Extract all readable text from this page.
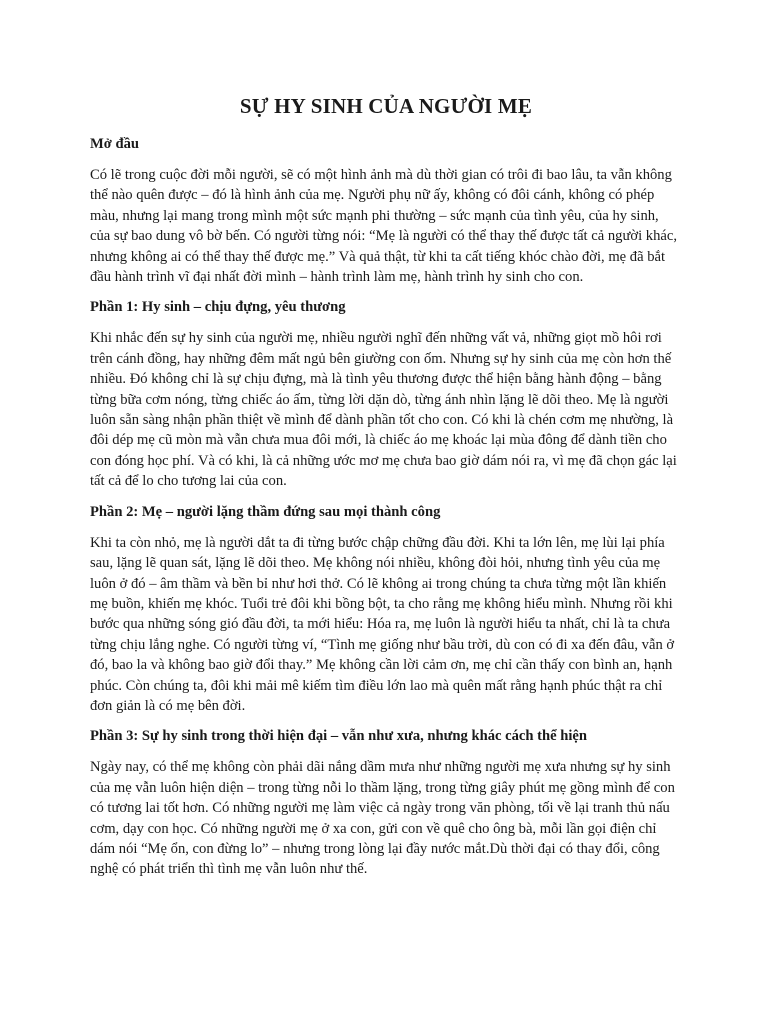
SỰ HY SINH CỦA NGƯỜI MẸ
Mở đầu

Có lẽ trong cuộc đời mỗi người, sẽ có một hình ảnh mà dù thời gian có trôi đi bao lâu, ta vẫn không thể nào quên được – đó là hình ảnh của mẹ. Người phụ nữ ấy, không có đôi cánh, không có phép màu, nhưng lại mang trong mình một sức mạnh phi thường – sức mạnh của tình yêu, của hy sinh, của sự bao dung vô bờ bến. Có người từng nói: “Mẹ là người có thể thay thế được tất cả người khác, nhưng không ai có thể thay thế được mẹ.” Và quả thật, từ khi ta cất tiếng khóc chào đời, mẹ đã bắt đầu hành trình vĩ đại nhất đời mình – hành trình làm mẹ, hành trình hy sinh cho con.

Phần 1: Hy sinh – chịu đựng, yêu thương

Khi nhắc đến sự hy sinh của người mẹ, nhiều người nghĩ đến những vất vả, những giọt mồ hôi rơi trên cánh đồng, hay những đêm mất ngủ bên giường con ốm. Nhưng sự hy sinh của mẹ còn hơn thế nhiều. Đó không chỉ là sự chịu đựng, mà là tình yêu thương được thể hiện bằng hành động – bằng từng bữa cơm nóng, từng chiếc áo ấm, từng lời dặn dò, từng ánh nhìn lặng lẽ dõi theo. Mẹ là người luôn sẵn sàng nhận phần thiệt về mình để dành phần tốt cho con. Có khi là chén cơm mẹ nhường, là đôi dép mẹ cũ mòn mà vẫn chưa mua đôi mới, là chiếc áo mẹ khoác lại mùa đông để dành tiền cho con đóng học phí. Và có khi, là cả những ước mơ mẹ chưa bao giờ dám nói ra, vì mẹ đã chọn gác lại tất cả để lo cho tương lai của con.

Phần 2: Mẹ – người lặng thầm đứng sau mọi thành công

Khi ta còn nhỏ, mẹ là người dắt ta đi từng bước chập chững đầu đời. Khi ta lớn lên, mẹ lùi lại phía sau, lặng lẽ quan sát, lặng lẽ dõi theo. Mẹ không nói nhiều, không đòi hỏi, nhưng tình yêu của mẹ luôn ở đó – âm thầm và bền bỉ như hơi thở. Có lẽ không ai trong chúng ta chưa từng một lần khiến mẹ buồn, khiến mẹ khóc. Tuổi trẻ đôi khi bồng bột, ta cho rằng mẹ không hiểu mình. Nhưng rồi khi bước qua những sóng gió đầu đời, ta mới hiểu: Hóa ra, mẹ luôn là người hiểu ta nhất, chỉ là ta chưa từng chịu lắng nghe. Có người từng ví, “Tình mẹ giống như bầu trời, dù con có đi xa đến đâu, vẫn ở đó, bao la và không bao giờ đổi thay.” Mẹ không cần lời cảm ơn, mẹ chỉ cần thấy con bình an, hạnh phúc. Còn chúng ta, đôi khi mải mê kiếm tìm điều lớn lao mà quên mất rằng hạnh phúc thật ra chỉ đơn giản là có mẹ bên đời.

Phần 3: Sự hy sinh trong thời hiện đại – vẫn như xưa, nhưng khác cách thể hiện

Ngày nay, có thể mẹ không còn phải dãi nắng dầm mưa như những người mẹ xưa nhưng sự hy sinh của mẹ vẫn luôn hiện diện – trong từng nỗi lo thầm lặng, trong từng giây phút mẹ gồng mình để con có tương lai tốt hơn. Có những người mẹ làm việc cả ngày trong văn phòng, tối về lại tranh thủ nấu cơm, dạy con học. Có những người mẹ ở xa con, gửi con về quê cho ông bà, mỗi lần gọi điện chỉ dám nói “Mẹ ổn, con đừng lo” – nhưng trong lòng lại đầy nước mắt.Dù thời đại có thay đổi, công nghệ có phát triển thì tình mẹ vẫn luôn như thế.
